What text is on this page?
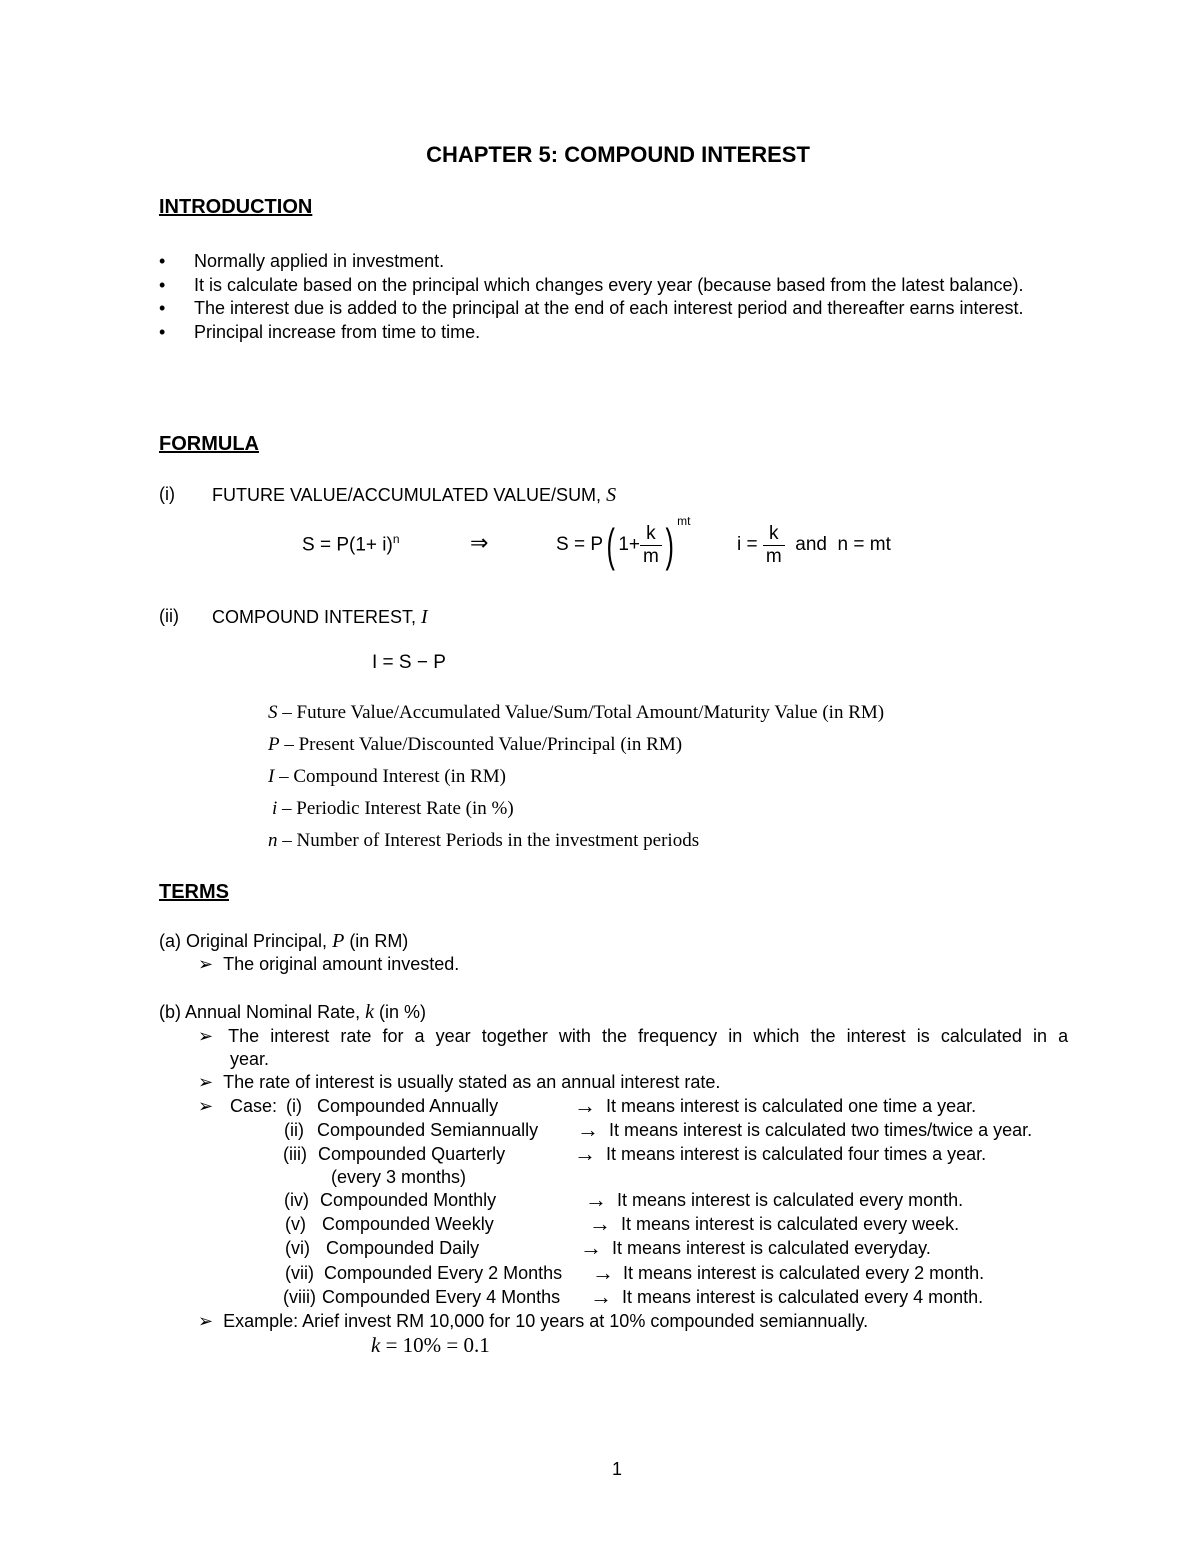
CHAPTER 5: COMPOUND INTEREST
INTRODUCTION
• Normally applied in investment.
• It is calculate based on the principal which changes every year (because based from the latest balance).
• The interest due is added to the principal at the end of each interest period and thereafter earns interest.
• Principal increase from time to time.
FORMULA
(i) FUTURE VALUE/ACCUMULATED VALUE/SUM, S
$S = P(1+ i)^n$	⇒	S = P ( $1+ \frac{k}{m}$ ) $^{mt}$
$i = \frac{k}{m}$
and n = mt
(ii) COMPOUND INTEREST, I
I = S − P
S – Future Value/Accumulated Value/Sum/Total Amount/Maturity Value (in RM)
P – Present Value/Discounted Value/Principal (in RM)
I – Compound Interest (in RM)
i – Periodic Interest Rate (in %)
n – Number of Interest Periods in the investment periods
TERMS
(a) Original Principal, P (in RM)
➢ The original amount invested.
(b) Annual Nominal Rate, k (in %)
➢ The interest rate for a year together with the frequency in which the interest is calculated in a
year.
➢ The rate of interest is usually stated as an annual interest rate.
➢ Case: (i) Compounded Annually	→ It means interest is calculated one time a year.
(ii) Compounded Semiannually → It means interest is calculated two times/twice a year.
(iii) Compounded Quarterly	→ It means interest is calculated four times a year.
(every 3 months)
(iv) Compounded Monthly	→ It means interest is calculated every month.
(v) Compounded Weekly	→ It means interest is calculated every week.
(vi) Compounded Daily	→ It means interest is calculated everyday.
(vii) Compounded Every 2 Months → It means interest is calculated every 2 month.
(viii) Compounded Every 4 Months → It means interest is calculated every 4 month.
➢ Example: Arief invest RM 10,000 for 10 years at 10% compounded semiannually.
k = 10% = 0.1
1
